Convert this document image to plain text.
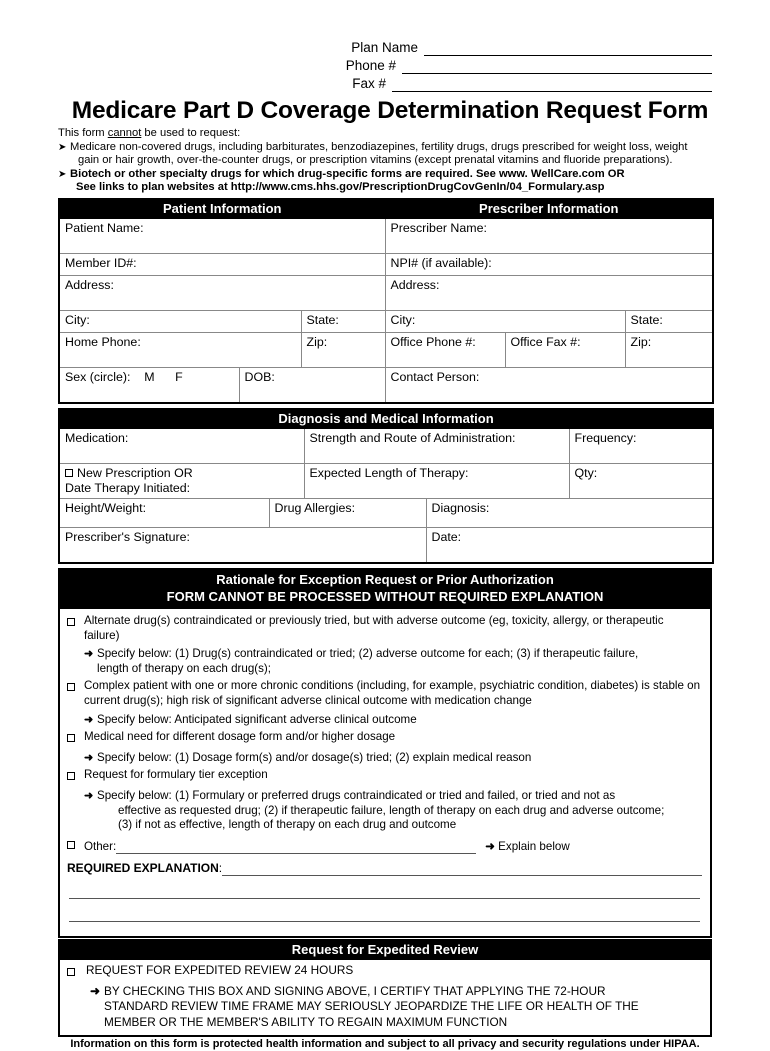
Plan Name
Phone #
Fax #
Medicare Part D Coverage Determination Request Form
This form cannot be used to request:
➤ Medicare non-covered drugs, including barbiturates, benzodiazepines, fertility drugs, drugs prescribed for weight loss, weight
gain or hair growth, over-the-counter drugs, or prescription vitamins (except prenatal vitamins and fluoride preparations).
➤ Biotech or other specialty drugs for which drug-specific forms are required. See www. WellCare.com OR
See links to plan websites at http://www.cms.hhs.gov/PrescriptionDrugCovGenIn/04_Formulary.asp
Patient Information			Prescriber Information		
Patient Name:			Prescriber Name:		
Member ID#:			NPI# (if available):		
Address:			Address:		
City:		State:	City:		State:
Home Phone:		Zip:	Office Phone #:	Office Fax #:	Zip:
Sex (circle): M F	DOB:		Contact Person:		
Diagnosis and Medical Information				
Medication:		Strength and Route of Administration:		Frequency:
New Prescription OR
Date Therapy Initiated:		Expected Length of Therapy:		Qty:
Height/Weight:	Drug Allergies:		Diagnosis:	
Prescriber's Signature:			Date:	
Rationale for Exception Request or Prior Authorization
FORM CANNOT BE PROCESSED WITHOUT REQUIRED EXPLANATION

Alternate drug(s) contraindicated or previously tried, but with adverse outcome (eg, toxicity, allergy, or therapeutic failure)
➜ Specify below: (1) Drug(s) contraindicated or tried; (2) adverse outcome for each; (3) if therapeutic failure,
length of therapy on each drug(s);
Complex patient with one or more chronic conditions (including, for example, psychiatric condition, diabetes) is stable on current drug(s); high risk of significant adverse clinical outcome with medication change
➜ Specify below: Anticipated significant adverse clinical outcome
Medical need for different dosage form and/or higher dosage
➜ Specify below: (1) Dosage form(s) and/or dosage(s) tried; (2) explain medical reason
Request for formulary tier exception
➜ Specify below: (1) Formulary or preferred drugs contraindicated or tried and failed, or tried and not as
effective as requested drug; (2) if therapeutic failure, length of therapy on each drug and adverse outcome;
(3) if not as effective, length of therapy on each drug and outcome
Other:	➜ Explain below
REQUIRED EXPLANATION:
Request for Expedited Review

REQUEST FOR EXPEDITED REVIEW 24 HOURS
➜ BY CHECKING THIS BOX AND SIGNING ABOVE, I CERTIFY THAT APPLYING THE 72-HOUR
STANDARD REVIEW TIME FRAME MAY SERIOUSLY JEOPARDIZE THE LIFE OR HEALTH OF THE
MEMBER OR THE MEMBER'S ABILITY TO REGAIN MAXIMUM FUNCTION
Information on this form is protected health information and subject to all privacy and security regulations under HIPAA.
